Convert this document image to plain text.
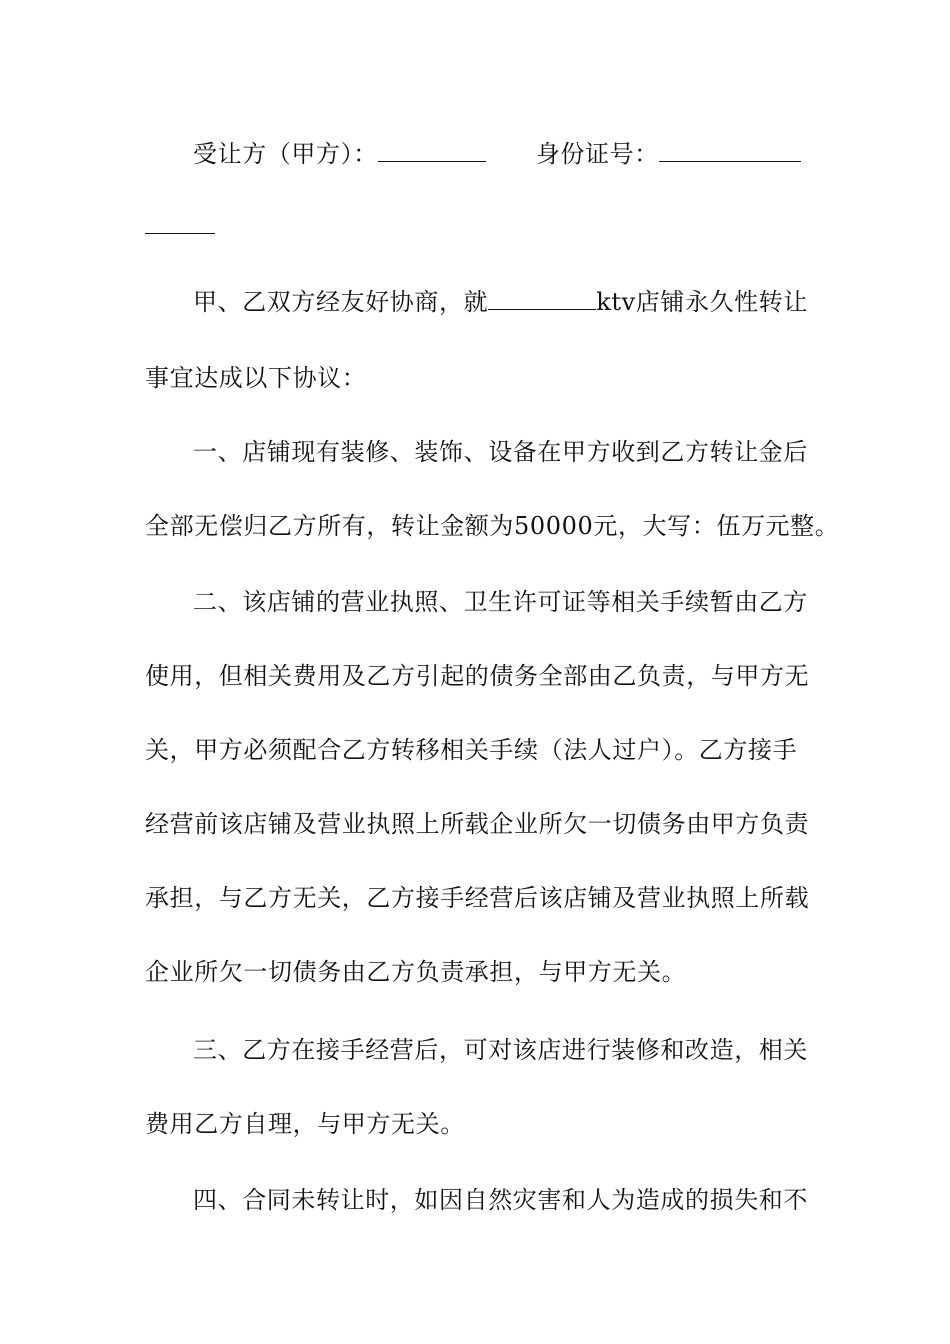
受让方（甲方）：	身份证号：
甲、乙双方经友好协商，就	ktv店铺永久性转让
事宜达成以下协议：
一、店铺现有装修、装饰、设备在甲方收到乙方转让金后
全部无偿归乙方所有，转让金额为50000元，大写：伍万元整。
二、该店铺的营业执照、卫生许可证等相关手续暂由乙方
使用，但相关费用及乙方引起的债务全部由乙负责，与甲方无
关，甲方必须配合乙方转移相关手续（法人过户）。乙方接手
经营前该店铺及营业执照上所载企业所欠一切债务由甲方负责
承担，与乙方无关，乙方接手经营后该店铺及营业执照上所载
企业所欠一切债务由乙方负责承担，与甲方无关。
三、乙方在接手经营后，可对该店进行装修和改造，相关
费用乙方自理，与甲方无关。
四、合同未转让时，如因自然灾害和人为造成的损失和不
